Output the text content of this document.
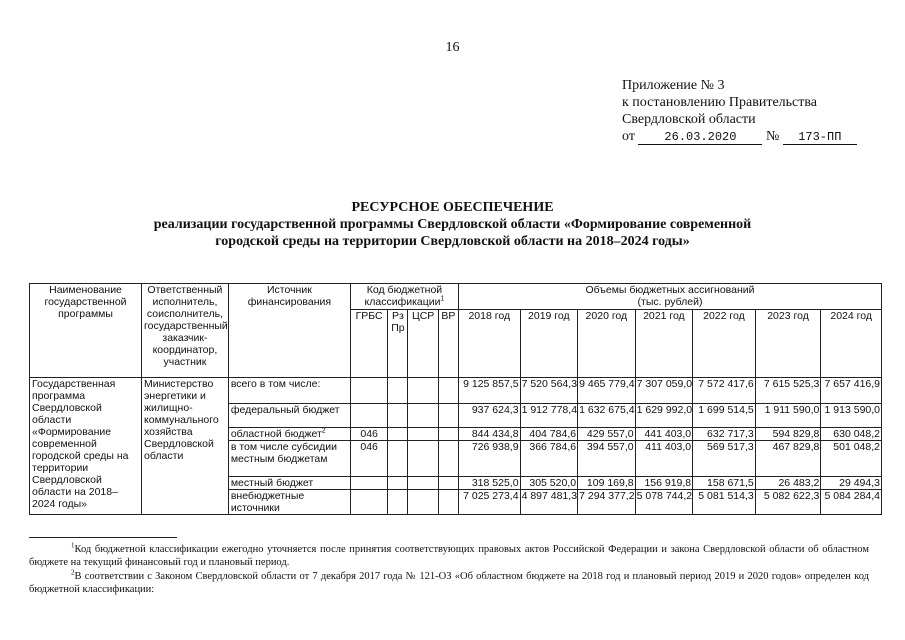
16
Приложение № 3
к постановлению Правительства
Свердловской области
от 26.03.2020 № 173-ПП
РЕСУРСНОЕ ОБЕСПЕЧЕНИЕ
реализации государственной программы Свердловской области «Формирование современной
городской среды на территории Свердловской области на 2018–2024 годы»
Наименование государственной программы	Ответственный исполнитель, соисполнитель, государственный заказчик-координатор, участник	Источник финансирования	Код бюджетной классификации$^1$				Объемы бюджетных ассигнований
(тыс. рублей)						

			ГРБС	Рз Пр	ЦСР	ВР	2018 год	2019 год	2020 год	2021 год	2022 год	2023 год	2024 год
Государственная программа Свердловской области «Формирование современной городской среды на территории Свердловской области на 2018–2024 годы»	Министерство энергетики и жилищно-коммунального хозяйства Свердловской области	всего в том числе:					9 125 857,5	7 520 564,3	9 465 779,4	7 307 059,0	7 572 417,6	7 615 525,3	7 657 416,9
		федеральный бюджет					937 624,3	1 912 778,4	1 632 675,4	1 629 992,0	1 699 514,5	1 911 590,0	1 913 590,0
		областной бюджет$^2$	046				844 434,8	404 784,6	429 557,0	441 403,0	632 717,3	594 829,8	630 048,2
		в том числе субсидии местным бюджетам	046				726 938,9	366 784,6	394 557,0	411 403,0	569 517,3	467 829,8	501 048,2
		местный бюджет					318 525,0	305 520,0	109 169,8	156 919,8	158 671,5	26 483,2	29 494,3
		внебюджетные источники					7 025 273,4	4 897 481,3	7 294 377,2	5 078 744,2	5 081 514,3	5 082 622,3	5 084 284,4
$^1$Код бюджетной классификации ежегодно уточняется после принятия соответствующих правовых актов Российской Федерации и закона Свердловской области об областном бюджете на текущий финансовый год и плановый период.
$^2$В соответствии с Законом Свердловской области от 7 декабря 2017 года № 121-ОЗ «Об областном бюджете на 2018 год и плановый период 2019 и 2020 годов» определен код бюджетной классификации:
